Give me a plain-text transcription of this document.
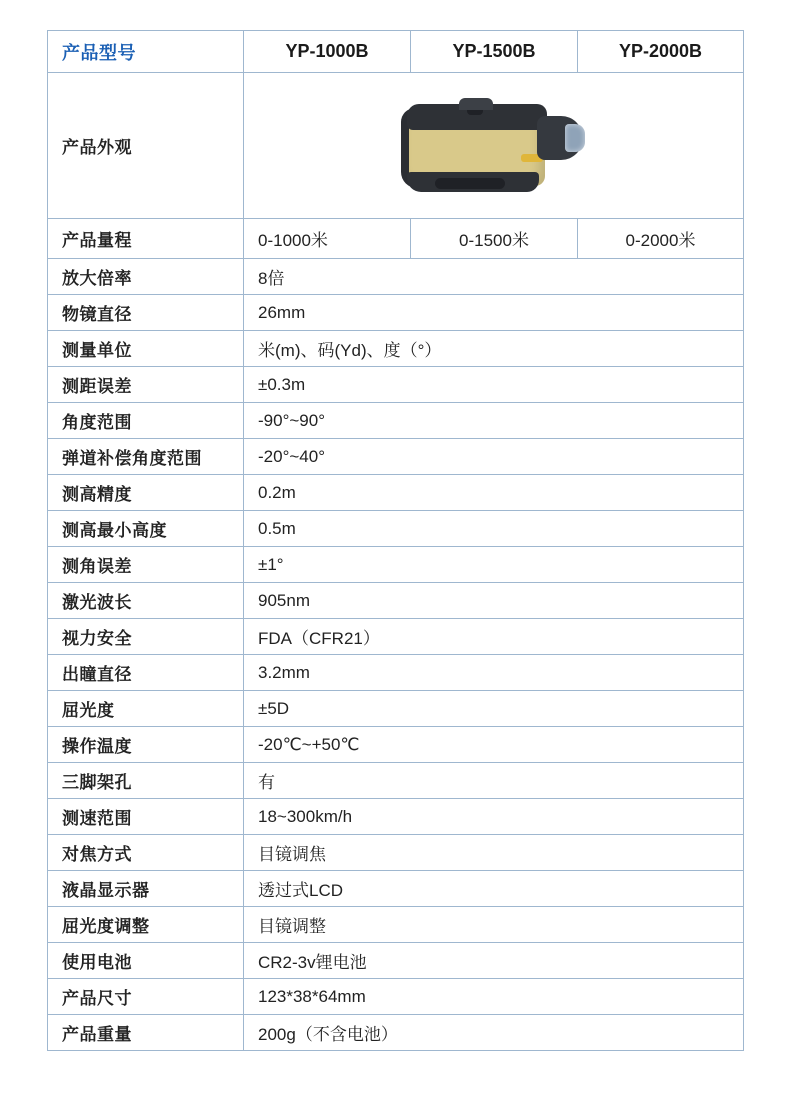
产品型号	YP-1000B	YP-1500B	YP-2000B
产品外观			

产品量程	0-1000米	0-1500米	0-2000米
放大倍率	8倍		
物镜直径	26mm		
测量单位	米(m)、码(Yd)、度（°）		
测距误差	±0.3m		
角度范围	-90°~90°		
弹道补偿角度范围	-20°~40°		
测高精度	0.2m		
测高最小高度	0.5m		
测角误差	±1°		
激光波长	905nm		
视力安全	FDA（CFR21）		
出瞳直径	3.2mm		
屈光度	±5D		
操作温度	-20℃~+50℃		
三脚架孔	有		
测速范围	18~300km/h		
对焦方式	目镜调焦		
液晶显示器	透过式LCD		
屈光度调整	目镜调整		
使用电池	CR2-3v锂电池		
产品尺寸	123*38*64mm		
产品重量	200g（不含电池）		
